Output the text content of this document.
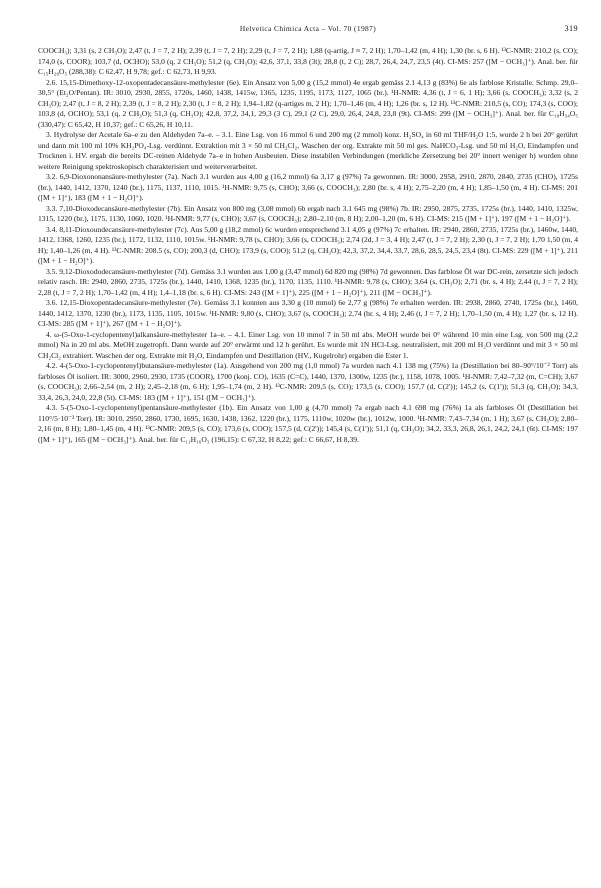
Helvetica Chimica Acta – Vol. 70 (1987)	319

COOCH₃); 3,31 (s, 2 CH₃O); 2,47 (t, J = 7, 2 H); 2,39 (t, J = 7, 2 H); 2,29 (t, J = 7, 2 H); 1,88 (q-artig, J ≈ 7, 2 H); 1,70–1,42 (m, 4 H); 1,30 (br. s, 6 H). ¹³C-NMR: 210,2 (s, CO); 174,0 (s, COOR); 103,7 (d, OCHO); 53,0 (q, 2 CH₃O); 51,2 (q, CH₃O); 42,6, 37,1, 33,8 (3t); 28,8 (t, 2 C); 28,7, 26,4, 24,7, 23,5 (4t). CI-MS: 257 ([M − OCH₃]⁺). Anal. ber. für C₁₅H₂₈O₅ (288,38): C 62,47, H 9,78; gef.: C 62,73, H 9,93.

2.6. 15,15-Dimethoxy-12-oxopentadecansäure-methylester (6e). Ein Ansatz von 5,00 g (15,2 mmol) 4e ergab gemäss 2.1 4,13 g (83%) 6e als farblose Kristalle. Schmp. 29,0–30,5° (Et₂O/Pentan). IR: 3010, 2930, 2855, 1720s, 1460, 1438, 1415w, 1365, 1235, 1195, 1173, 1127, 1065 (br.). ¹H-NMR: 4,36 (t, J = 6, 1 H); 3,66 (s, COOCH₃); 3,32 (s, 2 CH₃O); 2,47 (t, J = 8, 2 H); 2,39 (t, J = 8, 2 H); 2,30 (t, J = 8, 2 H); 1,94–1,82 (q-artiges m, 2 H); 1,70–1,46 (m, 4 H); 1,26 (br. s, 12 H). ¹³C-NMR: 210,5 (s, CO); 174,3 (s, COO); 103,8 (d, OCHO); 53,1 (q, 2 CH₃O); 51,3 (q, CH₃O); 42,8, 37,2, 34,1, 29,3 (3 C), 29,1 (2 C), 29,0, 26,4, 24,8, 23,8 (9t). CI-MS: 299 ([M − OCH₃]⁺). Anal. ber. für C₁₈H₃₄O₅ (330,47): C 65,42, H 10,37; gef.: C 65,26, H 10,11.

3. Hydrolyse der Acetale 6a–e zu den Aldehyden 7a–e. – 3.1. Eine Lsg. von 16 mmol 6 und 200 mg (2 mmol) konz. H₂SO₄ in 60 ml THF/H₂O 1:5, wurde 2 h bei 20° gerührt und dann mit 100 ml 10% KH₂PO₄-Lsg. verdünnt. Extraktion mit 3 × 50 ml CH₂Cl₂, Waschen der org. Extrakte mit 50 ml ges. NaHCO₃-Lsg. und 50 ml H₂O, Eindampfen und Trocknen i. HV. ergab die bereits DC-reinen Aldehyde 7a–e in hohen Ausbeuten. Diese instabilen Verbindungen (merkliche Zersetzung bei 20° innert weniger h) wurden ohne weitere Reinigung spektroskopisch charakterisiert und weiterverarbeitet.

3.2. 6,9-Dioxononansäure-methylester (7a). Nach 3.1 wurden aus 4,00 g (16,2 mmol) 6a 3,17 g (97%) 7a gewonnen. IR: 3000, 2958, 2910, 2870, 2840, 2735 (CHO), 1725s (br.), 1440, 1412, 1370, 1240 (br.), 1175, 1137, 1110, 1015. ¹H-NMR: 9,75 (s, CHO); 3,66 (s, COOCH₃); 2,80 (br. s, 4 H); 2,75–2,20 (m, 4 H); 1,85–1,50 (m, 4 H). CI-MS: 201 ([M + 1]⁺), 183 ([M + 1 − H₂O]⁺).

3.3. 7,10-Dioxodecansäure-methylester (7b). Ein Ansatz von 800 mg (3,08 mmol) 6b ergab nach 3.1 645 mg (98%) 7b. IR: 2950, 2875, 2735, 1725s (br.), 1440, 1410, 1325w, 1315, 1220 (br.), 1175, 1130, 1060, 1020. ¹H-NMR: 9,77 (s, CHO); 3,67 (s, COOCH₃); 2,80–2,10 (m, 8 H); 2,00–1,20 (m, 6 H). CI-MS: 215 ([M + 1]⁺), 197 ([M + 1 − H₂O]⁺).

3.4. 8,11-Dioxoundecansäure-methylester (7c). Aus 5,00 g (18,2 mmol) 6c wurden entsprechend 3.1 4,05 g (97%) 7c erhalten. IR: 2940, 2860, 2735, 1725s (br.), 1460w, 1440, 1412, 1368, 1260, 1235 (br.), 1172, 1132, 1110, 1015w. ¹H-NMR: 9,78 (s, CHO); 3,66 (s, COOCH₃); 2,74 (2d, J = 3, 4 H); 2,47 (t, J = 7, 2 H); 2,30 (t, J = 7, 2 H); 1,70 1,50 (m, 4 H); 1,40–1,26 (m, 4 H). ¹³C-NMR: 208.5 (s, CO); 200,3 (d, CHO); 173,9 (s, COO); 51,2 (q, CH₃O); 42,3, 37,2, 34,4, 33,7, 28,6, 28,5, 24,5, 23,4 (8t). CI-MS: 229 ([M + 1]⁺), 211 ([M + 1 − H₂O]⁺).

3.5. 9,12-Dioxododecansäure-methylester (7d). Gemäss 3.1 wurden aus 1,00 g (3,47 mmol) 6d 820 mg (98%) 7d gewonnen. Das farblose Öl war DC-rein, zersetzte sich jedoch relativ rasch. IR: 2940, 2860, 2735, 1725s (br.), 1440, 1410, 1368, 1235 (br.), 1170, 1135, 1110. ¹H-NMR: 9,78 (s, CHO); 3,64 (s, CH₃O); 2,71 (br. s, 4 H); 2,44 (t, J = 7, 2 H); 2,28 (t, J = 7, 2 H); 1,70–1,42 (m, 4 H); 1,4–1,18 (br. s, 6 H). CI-MS: 243 ([M + 1]⁺), 225 ([M + 1 − H₂O]⁺), 211 ([M − OCH₃]⁺).

3.6. 12,15-Dioxopentadecansäure-methylester (7e). Gemäss 3.1 konnten aus 3,30 g (10 mmol) 6e 2,77 g (98%) 7e erhalten werden. IR: 2938, 2860, 2740, 1725s (br.), 1460, 1440, 1412, 1370, 1230 (br.), 1173, 1135, 1105, 1015w. ¹H-NMR: 9,80 (s, CHO); 3,67 (s, COOCH₃); 2,74 (br. s, 4 H); 2,46 (t, J = 7, 2 H); 1,70–1,50 (m, 4 H); 1,27 (br. s, 12 H). CI-MS: 285 ([M + 1]⁺), 267 ([M + 1 − H₂O]⁺).

4. ω-(5-Oxo-1-cyclopentenyl)alkansäure-methylester 1a–e. – 4.1. Einer Lsg. von 10 mmol 7 in 50 ml abs. MeOH wurde bei 0° während 10 min eine Lsg. von 500 mg (2,2 mmol) Na in 20 ml abs. MeOH zugetropft. Dann wurde auf 20° erwärmt und 12 h gerührt. Es wurde mit 1N HCl-Lsg. neutralisiert, mit 200 ml H₂O verdünnt und mit 3 × 50 ml CH₂Cl₂ extrahiert. Waschen der org. Extrakte mit H₂O, Eindampfen und Destillation (HV., Kugelrohr) ergaben die Ester 1.

4.2. 4-(5-Oxo-1-cyclopentenyl)butansäure-methylester (1a). Ausgehend von 200 mg (1,0 mmol) 7a wurden nach 4.1 138 mg (75%) 1a (Destillation bei 80–90°/10⁻² Torr) als farbloses Öl isoliert. IR: 3000, 2960, 2930, 1735 (COOR), 1700 (konj. CO), 1635 (C=C), 1440, 1370, 1300w, 1235 (br.), 1158, 1078, 1005. ¹H-NMR: 7,42–7,32 (m, C=CH); 3,67 (s, COOCH₃); 2,66–2,54 (m, 2 H); 2,45–2,18 (m, 6 H); 1,95–1,74 (m, 2 H). ¹³C-NMR: 209,5 (s, CO); 173,5 (s, COO); 157,7 (d, C(2')); 145,2 (s, C(1')); 51,3 (q, CH₃O); 34,3, 33,4, 26,3, 24,0, 22,8 (5t). CI-MS: 183 ([M + 1]⁺), 151 ([M − OCH₃]⁺).

4.3. 5-(5-Oxo-1-cyclopentenyl)pentansäure-methylester (1b). Ein Ansatz von 1,00 g (4,70 mmol) 7a ergab nach 4.1 698 mg (76%) 1a als farbloses Öl (Destillation bei 110°/5·10⁻³ Torr). IR: 3010, 2950, 2860, 1730, 1695, 1630, 1438, 1362, 1220 (br.), 1175, 1110w, 1020w (br.), 1012w, 1000. ¹H-NMR: 7,43–7,34 (m, 1 H); 3,67 (s, CH₃O); 2,80–2,16 (m, 8 H); 1,80–1,45 (m, 4 H). ¹³C-NMR: 209,5 (s, CO); 173,6 (s, COO); 157,5 (d, C(2')); 145,4 (s, C(1')); 51,1 (q, CH₃O); 34,2, 33,3, 26,8, 26,1, 24,2, 24,1 (6t). CI-MS: 197 ([M + 1]⁺), 165 ([M − OCH₃]⁺). Anal. ber. für C₁₁H₁₆O₃ (196,15): C 67,32, H 8,22; gef.: C 66,67, H 8,39.
